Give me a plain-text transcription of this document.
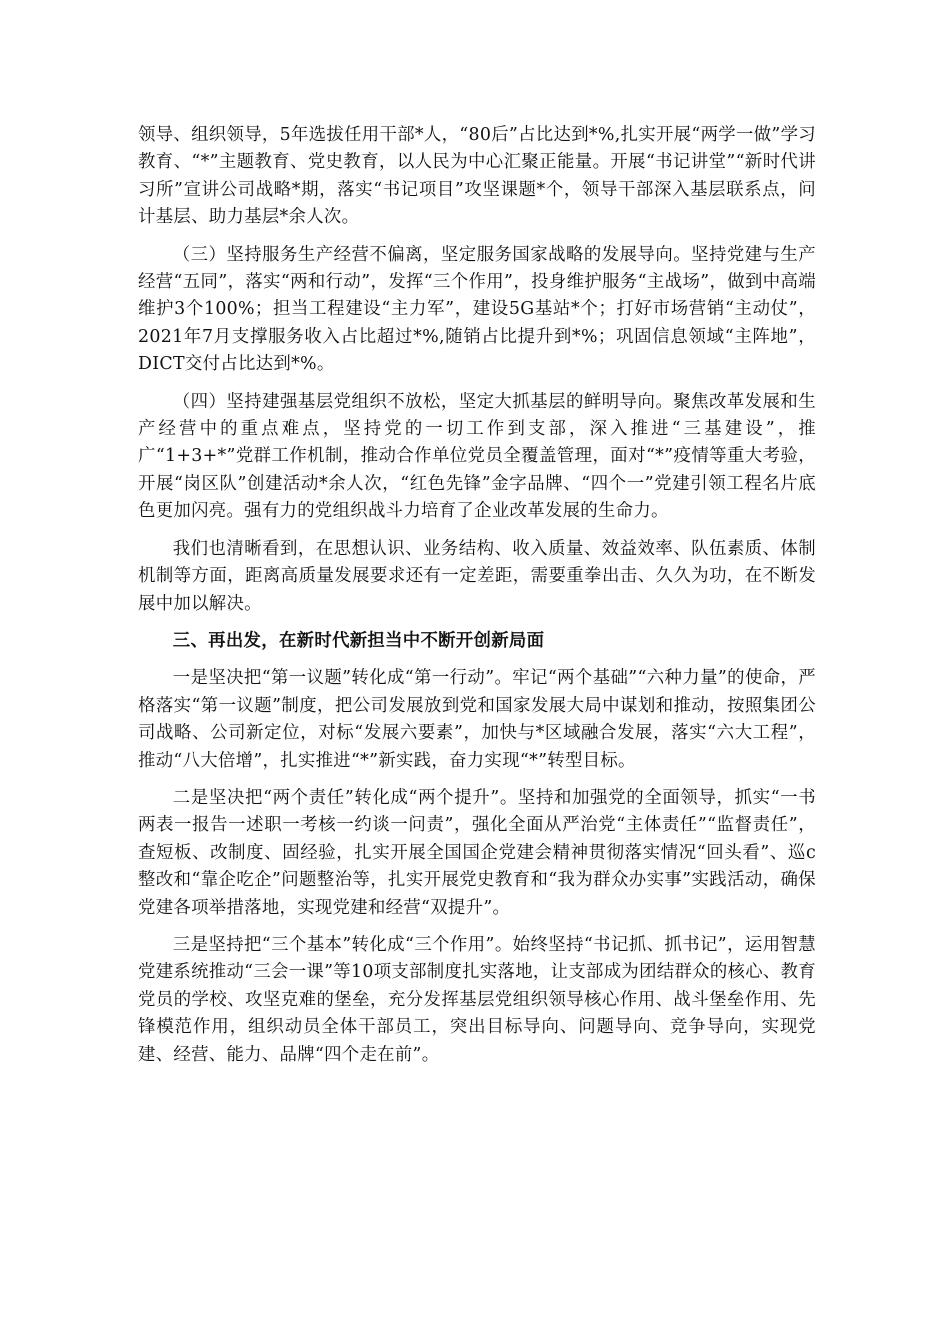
领导、组织领导，5年选拔任用干部*人，“80后”占比达到*%,扎实开展“两学一做”学习教育、“*”主题教育、党史教育，以人民为中心汇聚正能量。开展“书记讲堂”“新时代讲习所”宣讲公司战略*期，落实“书记项目”攻坚课题*个，领导干部深入基层联系点，问计基层、助力基层*余人次。

（三）坚持服务生产经营不偏离，坚定服务国家战略的发展导向。坚持党建与生产经营“五同”，落实“两和行动”，发挥“三个作用”，投身维护服务“主战场”，做到中高端维护3个100%；担当工程建设“主力军”，建设5G基站*个；打好市场营销“主动仗”，2021年7月支撑服务收入占比超过*%,随销占比提升到*%；巩固信息领域“主阵地”，DICT交付占比达到*%。

（四）坚持建强基层党组织不放松，坚定大抓基层的鲜明导向。聚焦改革发展和生产经营中的重点难点，坚持党的一切工作到支部，深入推进“三基建设”，推广“1+3+*”党群工作机制，推动合作单位党员全覆盖管理，面对“*”疫情等重大考验，开展“岗区队”创建活动*余人次，“红色先锋”金字品牌、“四个一”党建引领工程名片底色更加闪亮。强有力的党组织战斗力培育了企业改革发展的生命力。

我们也清晰看到，在思想认识、业务结构、收入质量、效益效率、队伍素质、体制机制等方面，距离高质量发展要求还有一定差距，需要重拳出击、久久为功，在不断发展中加以解决。

三、再出发，在新时代新担当中不断开创新局面

一是坚决把“第一议题”转化成“第一行动”。牢记“两个基础”“六种力量”的使命，严格落实“第一议题”制度，把公司发展放到党和国家发展大局中谋划和推动，按照集团公司战略、公司新定位，对标“发展六要素”，加快与*区域融合发展，落实“六大工程”，推动“八大倍增”，扎实推进“*”新实践，奋力实现“*”转型目标。

二是坚决把“两个责任”转化成“两个提升”。坚持和加强党的全面领导，抓实“一书两表一报告一述职一考核一约谈一问责”，强化全面从严治党“主体责任”“监督责任”，查短板、改制度、固经验，扎实开展全国国企党建会精神贯彻落实情况“回头看”、巡c整改和“靠企吃企”问题整治等，扎实开展党史教育和“我为群众办实事”实践活动，确保党建各项举措落地，实现党建和经营“双提升”。

三是坚持把“三个基本”转化成“三个作用”。始终坚持“书记抓、抓书记”，运用智慧党建系统推动“三会一课”等10项支部制度扎实落地，让支部成为团结群众的核心、教育党员的学校、攻坚克难的堡垒，充分发挥基层党组织领导核心作用、战斗堡垒作用、先锋模范作用，组织动员全体干部员工，突出目标导向、问题导向、竞争导向，实现党建、经营、能力、品牌“四个走在前”。
